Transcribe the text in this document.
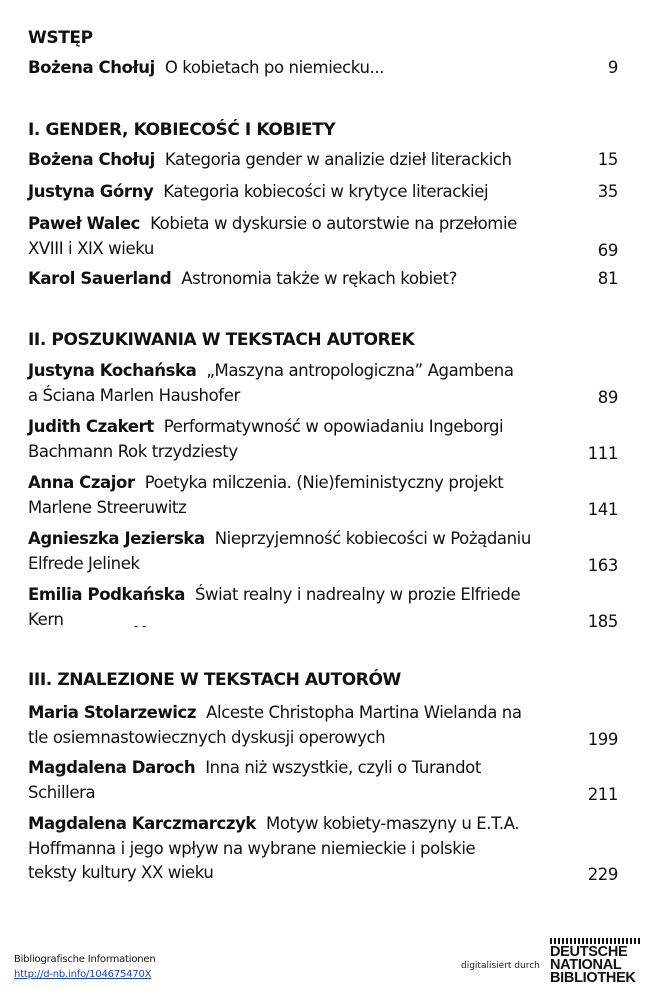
WSTĘP
Bożena Chołuj O kobietach po niemiecku...	9
I. GENDER, KOBIECOŚĆ I KOBIETY
Bożena Chołuj Kategoria gender w analizie dzieł literackich	15
Justyna Górny Kategoria kobiecości w krytyce literackiej	35
Paweł Walec Kobieta w dyskursie o autorstwie na przełomie
XVIII i XIX wieku	69
Karol Sauerland Astronomia także w rękach kobiet?	81
II. POSZUKIWANIA W TEKSTACH AUTOREK
Justyna Kochańska „Maszyna antropologiczna” Agambena
a Ściana Marlen Haushofer	89
Judith Czakert Performatywność w opowiadaniu Ingeborgi
Bachmann Rok trzydziesty	111
Anna Czajor Poetyka milczenia. (Nie)feministyczny projekt
Marlene Streeruwitz	141
Agnieszka Jezierska Nieprzyjemność kobiecości w Pożądaniu
Elfrede Jelinek	163
Emilia Podkańska Świat realny i nadrealny w prozie Elfriede
Kern	185
III. ZNALEZIONE W TEKSTACH AUTORÓW
Maria Stolarzewicz Alceste Christopha Martina Wielanda na
tle osiemnastowiecznych dyskusji operowych	199
Magdalena Daroch Inna niż wszystkie, czyli o Turandot
Schillera	211
Magdalena Karczmarczyk Motyw kobiety-maszyny u E.T.A.
Hoffmanna i jego wpływ na wybrane niemieckie i polskie
teksty kultury XX wieku	229
- -
Bibliografische Informationen
http://d-nb.info/104675470X
digitalisiert durch
DEUTSCHE
NATIONAL
BIBLIOTHEK
